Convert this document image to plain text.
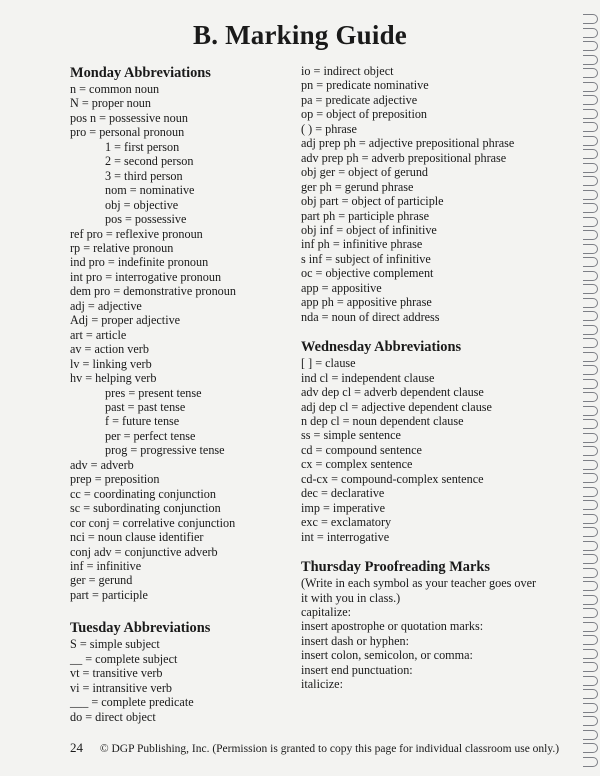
B. Marking Guide
Monday Abbreviations
n = common noun
N = proper noun
pos n = possessive noun
pro = personal pronoun
1 = first person
2 = second person
3 = third person
nom = nominative
obj = objective
pos = possessive
ref pro = reflexive pronoun
rp = relative pronoun
ind pro = indefinite pronoun
int pro = interrogative pronoun
dem pro = demonstrative pronoun
adj = adjective
Adj = proper adjective
art = article
av = action verb
lv = linking verb
hv = helping verb
pres = present tense
past = past tense
f = future tense
per = perfect tense
prog = progressive tense
adv = adverb
prep = preposition
cc = coordinating conjunction
sc = subordinating conjunction
cor conj = correlative conjunction
nci = noun clause identifier
conj adv = conjunctive adverb
inf = infinitive
ger = gerund
part = participle
Tuesday Abbreviations
S = simple subject
__ = complete subject
vt = transitive verb
vi = intransitive verb
___ = complete predicate
do = direct object
io = indirect object
pn = predicate nominative
pa = predicate adjective
op = object of preposition
( ) = phrase
adj prep ph = adjective prepositional phrase
adv prep ph = adverb prepositional phrase
obj ger = object of gerund
ger ph = gerund phrase
obj part = object of participle
part ph = participle phrase
obj inf = object of infinitive
inf ph = infinitive phrase
s inf = subject of infinitive
oc = objective complement
app = appositive
app ph = appositive phrase
nda = noun of direct address
Wednesday Abbreviations
[ ] = clause
ind cl = independent clause
adv dep cl = adverb dependent clause
adj dep cl = adjective dependent clause
n dep cl = noun dependent clause
ss = simple sentence
cd = compound sentence
cx = complex sentence
cd-cx = compound-complex sentence
dec = declarative
imp = imperative
exc = exclamatory
int = interrogative
Thursday Proofreading Marks
(Write in each symbol as your teacher goes over
it with you in class.)
capitalize:
insert apostrophe or quotation marks:
insert dash or hyphen:
insert colon, semicolon, or comma:
insert end punctuation:
italicize:
24 © DGP Publishing, Inc. (Permission is granted to copy this page for individual classroom use only.)
